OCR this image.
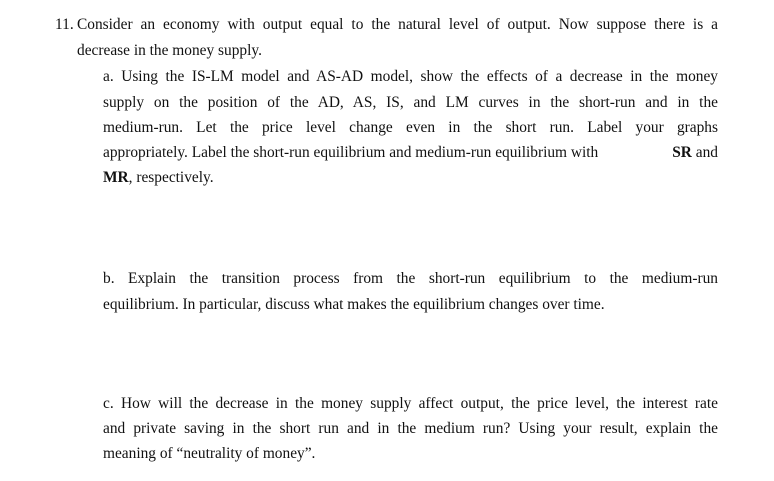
11. Consider an economy with output equal to the natural level of output. Now suppose there is a
decrease in the money supply.
a. Using the IS-LM model and AS-AD model, show the effects of a decrease in the money
supply on the position of the AD, AS, IS, and LM curves in the short-run and in the
medium-run. Let the price level change even in the short run. Label your graphs
appropriately. Label the short-run equilibrium and medium-run equilibrium with	SR and
MR, respectively.
b. Explain the transition process from the short-run equilibrium to the medium-run
equilibrium. In particular, discuss what makes the equilibrium changes over time.
c. How will the decrease in the money supply affect output, the price level, the interest rate
and private saving in the short run and in the medium run? Using your result, explain the
meaning of “neutrality of money”.
